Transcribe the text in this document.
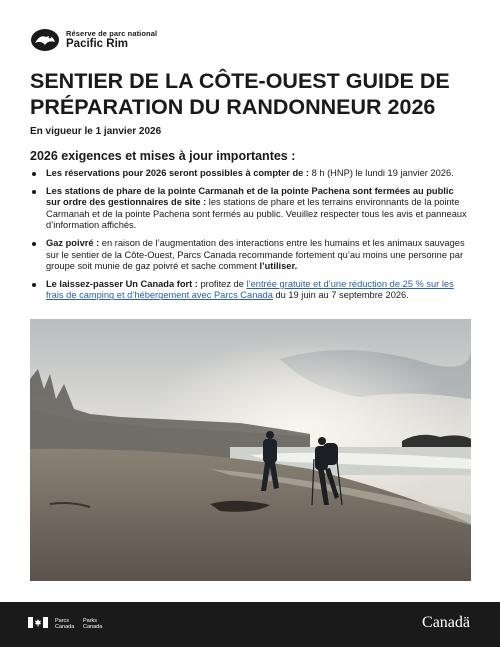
Réserve de parc national
Pacific Rim
SENTIER DE LA CÔTE-OUEST GUIDE DE PRÉPARATION DU RANDONNEUR 2026
En vigueur le 1 janvier 2026
2026 exigences et mises à jour importantes :
Les réservations pour 2026 seront possibles à compter de : 8 h (HNP) le lundi 19 janvier 2026.
Les stations de phare de la pointe Carmanah et de la pointe Pachena sont fermées au public sur ordre des gestionnaires de site : les stations de phare et les terrains environnants de la pointe Carmanah et de la pointe Pachena sont fermés au public. Veuillez respecter tous les avis et panneaux d’information affichés.
Gaz poivré : en raison de l’augmentation des interactions entre les humains et les animaux sauvages sur le sentier de la Côte-Ouest, Parcs Canada recommande fortement qu’au moins une personne par groupe soit munie de gaz poivré et sache comment l’utiliser.
Le laissez-passer Un Canada fort : profitez de l’entrée gratuite et d’une réduction de 25 % sur les frais de camping et d’hébergement avec Parcs Canada du 19 juin au 7 septembre 2026.
Parcs
Canada
Parks
Canada	Canadä
